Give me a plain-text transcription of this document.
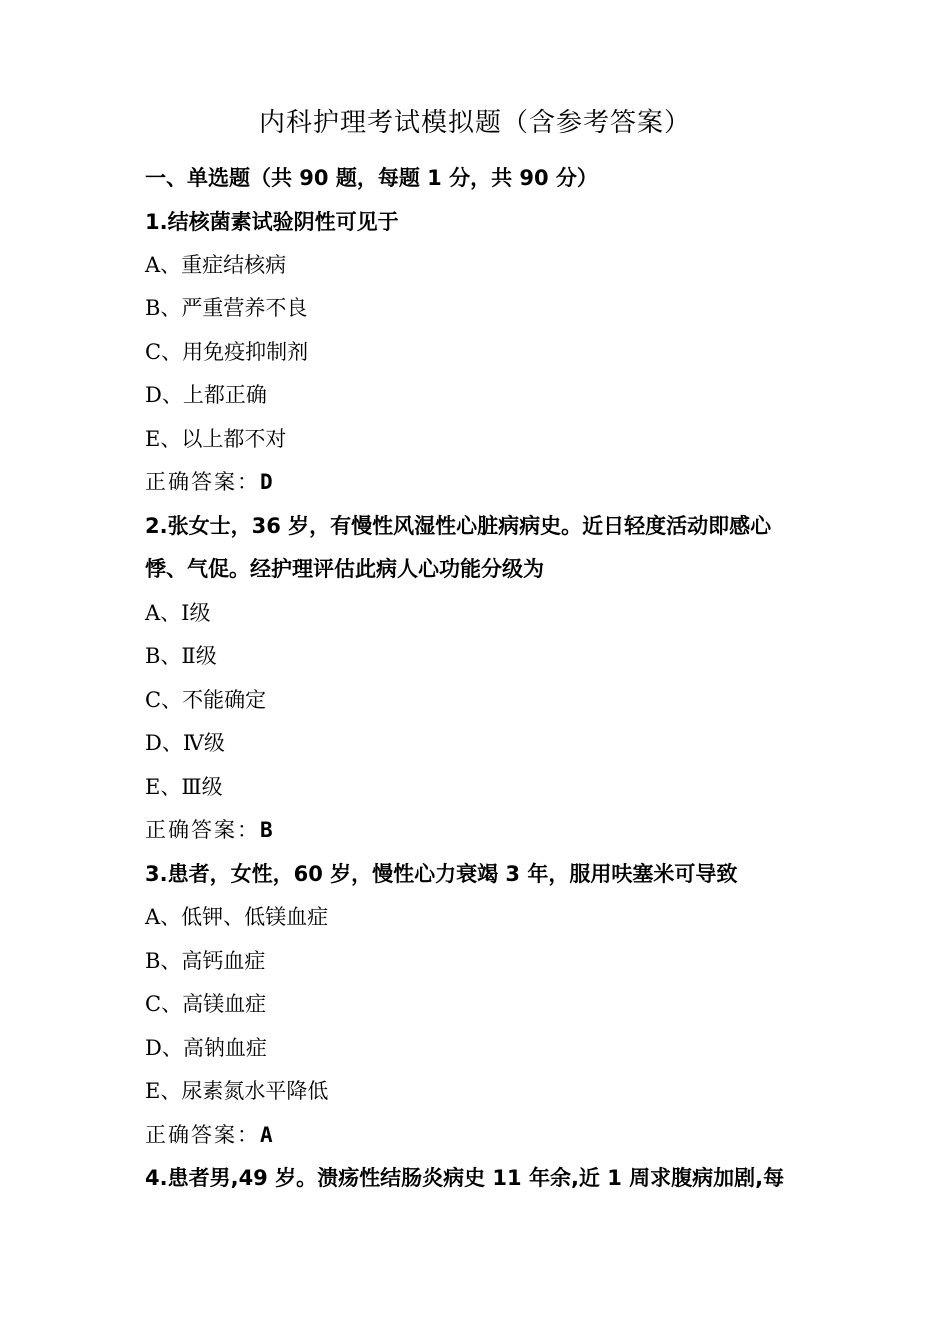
内科护理考试模拟题（含参考答案）
一、单选题（共 90 题，每题 1 分，共 90 分）
1.结核菌素试验阴性可见于
A、重症结核病
B、严重营养不良
C、用免疫抑制剂
D、上都正确
E、以上都不对
正确答案：D
2.张女士，36 岁，有慢性风湿性心脏病病史。近日轻度活动即感心
悸、气促。经护理评估此病人心功能分级为
A、Ⅰ级
B、Ⅱ级
C、不能确定
D、Ⅳ级
E、Ⅲ级
正确答案：B
3.患者，女性，60 岁，慢性心力衰竭 3 年，服用呋塞米可导致
A、低钾、低镁血症
B、高钙血症
C、高镁血症
D、高钠血症
E、尿素氮水平降低
正确答案：A
4.患者男,49 岁。溃疡性结肠炎病史 11 年余,近 1 周求腹病加剧,每
